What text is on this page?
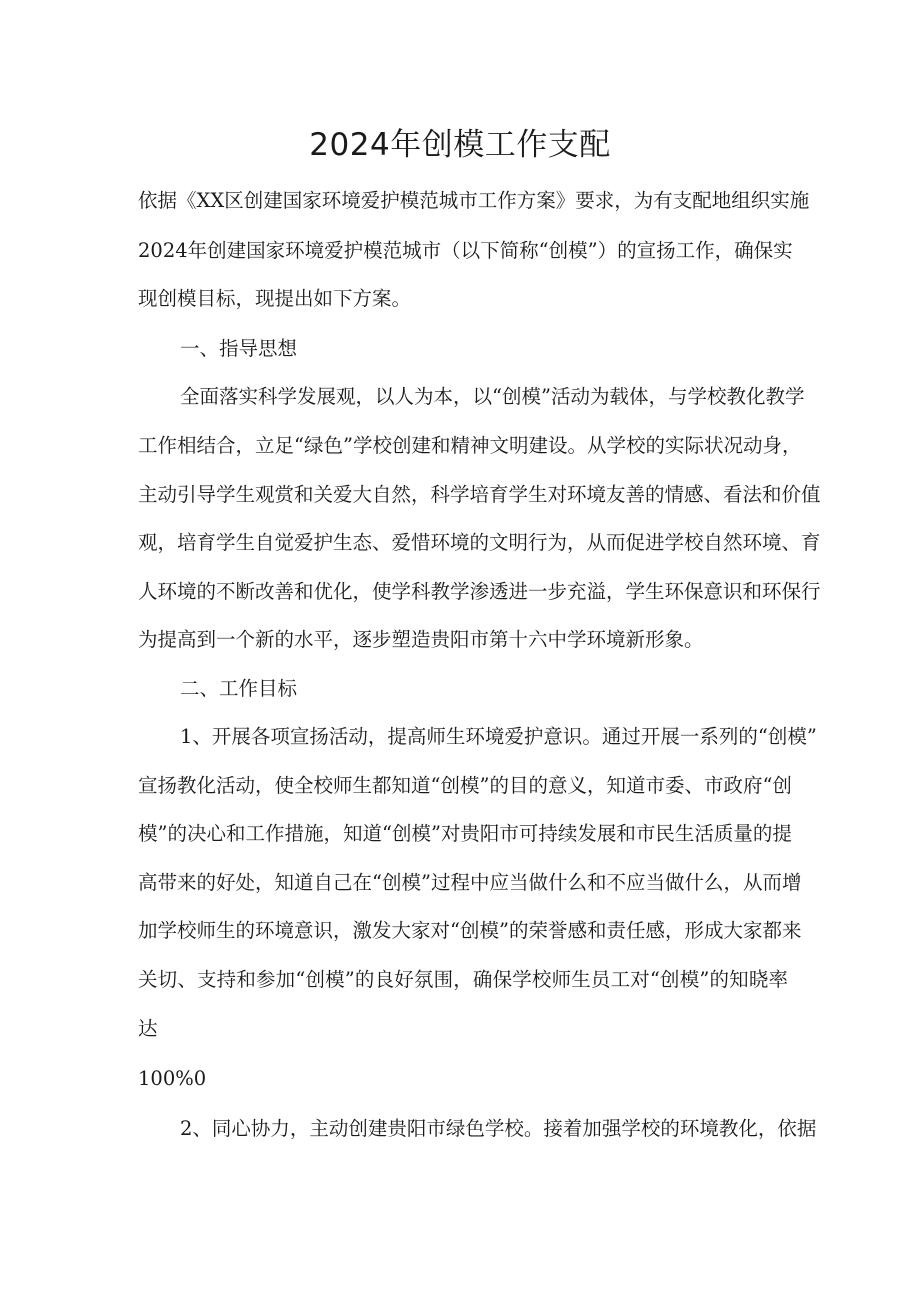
2024年创模工作支配

依据《XX区创建国家环境爱护模范城市工作方案》要求，为有支配地组织实施

2024年创建国家环境爱护模范城市（以下简称“创模”）的宣扬工作，确保实

现创模目标，现提出如下方案。

一、指导思想

全面落实科学发展观，以人为本，以“创模”活动为载体，与学校教化教学

工作相结合，立足“绿色”学校创建和精神文明建设。从学校的实际状况动身，

主动引导学生观赏和关爱大自然，科学培育学生对环境友善的情感、看法和价值

观，培育学生自觉爱护生态、爱惜环境的文明行为，从而促进学校自然环境、育

人环境的不断改善和优化，使学科教学渗透进一步充溢，学生环保意识和环保行

为提高到一个新的水平，逐步塑造贵阳市第十六中学环境新形象。

二、工作目标

1、开展各项宣扬活动，提高师生环境爱护意识。通过开展一系列的“创模”

宣扬教化活动，使全校师生都知道“创模”的目的意义，知道市委、市政府“创

模”的决心和工作措施，知道“创模”对贵阳市可持续发展和市民生活质量的提

高带来的好处，知道自己在“创模”过程中应当做什么和不应当做什么，从而增

加学校师生的环境意识，激发大家对“创模”的荣誉感和责任感，形成大家都来

关切、支持和参加“创模”的良好氛围，确保学校师生员工对“创模”的知晓率

达

100%0

2、同心协力，主动创建贵阳市绿色学校。接着加强学校的环境教化，依据
